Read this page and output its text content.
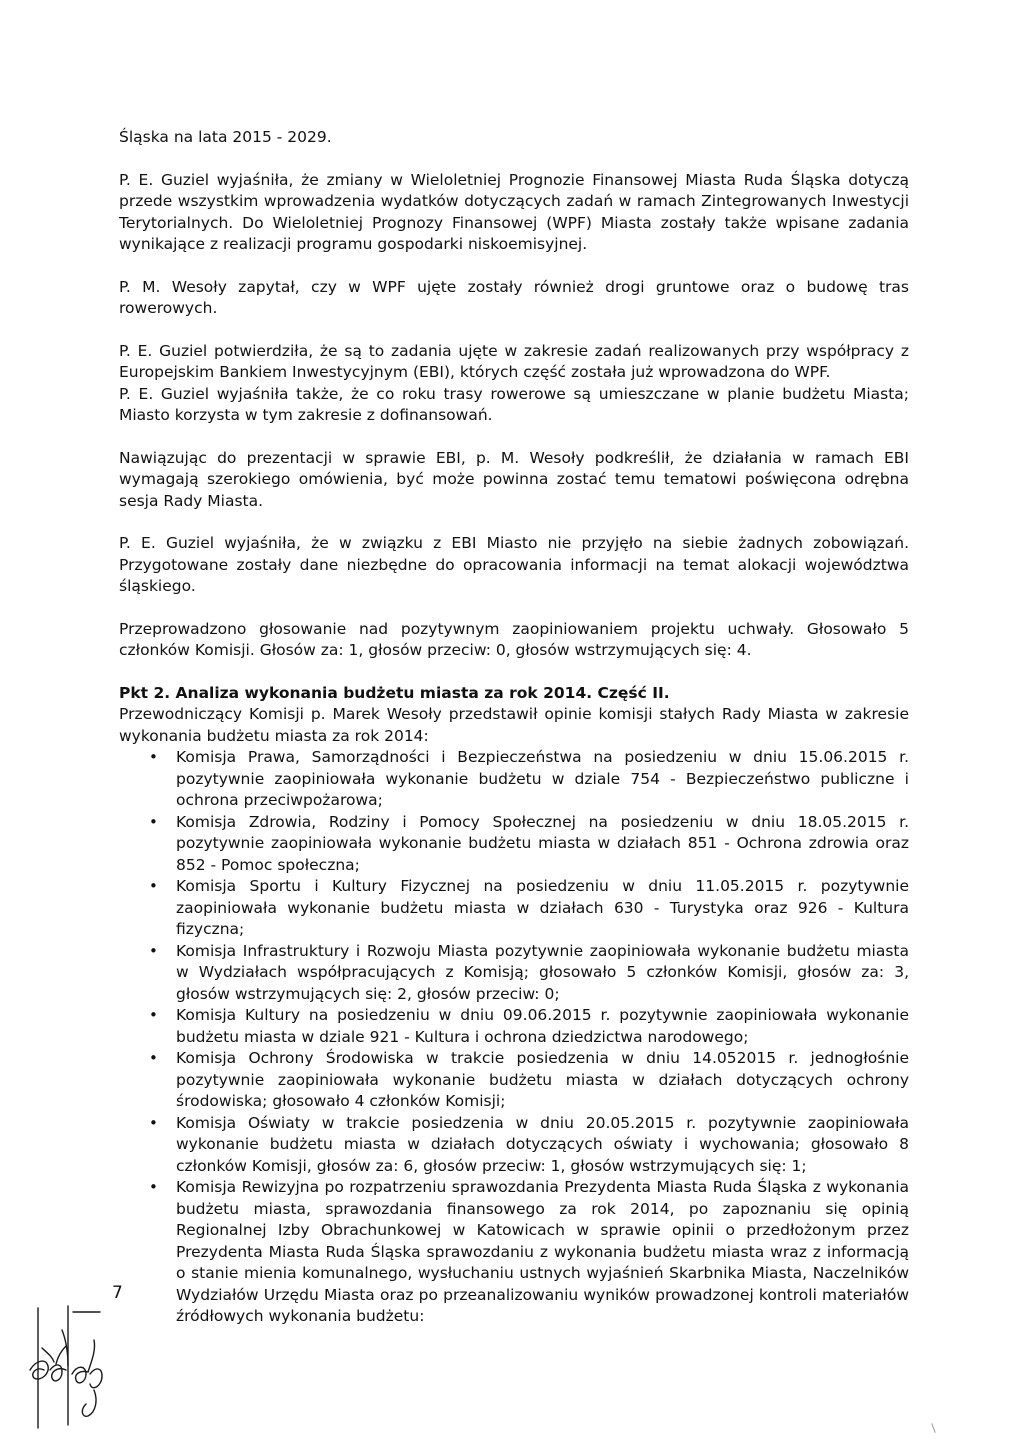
Śląska na lata 2015 - 2029.

P. E. Guziel wyjaśniła, że zmiany w Wieloletniej Prognozie Finansowej Miasta Ruda Śląska dotyczą przede wszystkim wprowadzenia wydatków dotyczących zadań w ramach Zintegrowanych Inwestycji Terytorialnych. Do Wieloletniej Prognozy Finansowej (WPF) Miasta zostały także wpisane zadania wynikające z realizacji programu gospodarki niskoemisyjnej.

P. M. Wesoły zapytał, czy w WPF ujęte zostały również drogi gruntowe oraz o budowę tras rowerowych.

P. E. Guziel potwierdziła, że są to zadania ujęte w zakresie zadań realizowanych przy współpracy z Europejskim Bankiem Inwestycyjnym (EBI), których część została już wprowadzona do WPF.

P. E. Guziel wyjaśniła także, że co roku trasy rowerowe są umieszczane w planie budżetu Miasta; Miasto korzysta w tym zakresie z dofinansowań.

Nawiązując do prezentacji w sprawie EBI, p. M. Wesoły podkreślił, że działania w ramach EBI wymagają szerokiego omówienia, być może powinna zostać temu tematowi poświęcona odrębna sesja Rady Miasta.

P. E. Guziel wyjaśniła, że w związku z EBI Miasto nie przyjęło na siebie żadnych zobowiązań. Przygotowane zostały dane niezbędne do opracowania informacji na temat alokacji województwa śląskiego.

Przeprowadzono głosowanie nad pozytywnym zaopiniowaniem projektu uchwały. Głosowało 5 członków Komisji. Głosów za: 1, głosów przeciw: 0, głosów wstrzymujących się: 4.

Pkt 2. Analiza wykonania budżetu miasta za rok 2014. Część II.

Przewodniczący Komisji p. Marek Wesoły przedstawił opinie komisji stałych Rady Miasta w zakresie wykonania budżetu miasta za rok 2014:

• Komisja Prawa, Samorządności i Bezpieczeństwa na posiedzeniu w dniu 15.06.2015 r. pozytywnie zaopiniowała wykonanie budżetu w dziale 754 - Bezpieczeństwo publiczne i ochrona przeciwpożarowa;
• Komisja Zdrowia, Rodziny i Pomocy Społecznej na posiedzeniu w dniu 18.05.2015 r. pozytywnie zaopiniowała wykonanie budżetu miasta w działach 851 - Ochrona zdrowia oraz 852 - Pomoc społeczna;
• Komisja Sportu i Kultury Fizycznej na posiedzeniu w dniu 11.05.2015 r. pozytywnie zaopiniowała wykonanie budżetu miasta w działach 630 - Turystyka oraz 926 - Kultura fizyczna;
• Komisja Infrastruktury i Rozwoju Miasta pozytywnie zaopiniowała wykonanie budżetu miasta w Wydziałach współpracujących z Komisją; głosowało 5 członków Komisji, głosów za: 3, głosów wstrzymujących się: 2, głosów przeciw: 0;
• Komisja Kultury na posiedzeniu w dniu 09.06.2015 r. pozytywnie zaopiniowała wykonanie budżetu miasta w dziale 921 - Kultura i ochrona dziedzictwa narodowego;
• Komisja Ochrony Środowiska w trakcie posiedzenia w dniu 14.052015 r. jednogłośnie pozytywnie zaopiniowała wykonanie budżetu miasta w działach dotyczących ochrony środowiska; głosowało 4 członków Komisji;
• Komisja Oświaty w trakcie posiedzenia w dniu 20.05.2015 r. pozytywnie zaopiniowała wykonanie budżetu miasta w działach dotyczących oświaty i wychowania; głosowało 8 członków Komisji, głosów za: 6, głosów przeciw: 1, głosów wstrzymujących się: 1;
• Komisja Rewizyjna po rozpatrzeniu sprawozdania Prezydenta Miasta Ruda Śląska z wykonania budżetu miasta, sprawozdania finansowego za rok 2014, po zapoznaniu się opinią Regionalnej Izby Obrachunkowej w Katowicach w sprawie opinii o przedłożonym przez Prezydenta Miasta Ruda Śląska sprawozdaniu z wykonania budżetu miasta wraz z informacją o stanie mienia komunalnego, wysłuchaniu ustnych wyjaśnień Skarbnika Miasta, Naczelników Wydziałów Urzędu Miasta oraz po przeanalizowaniu wyników prowadzonej kontroli materiałów źródłowych wykonania budżetu:
7
